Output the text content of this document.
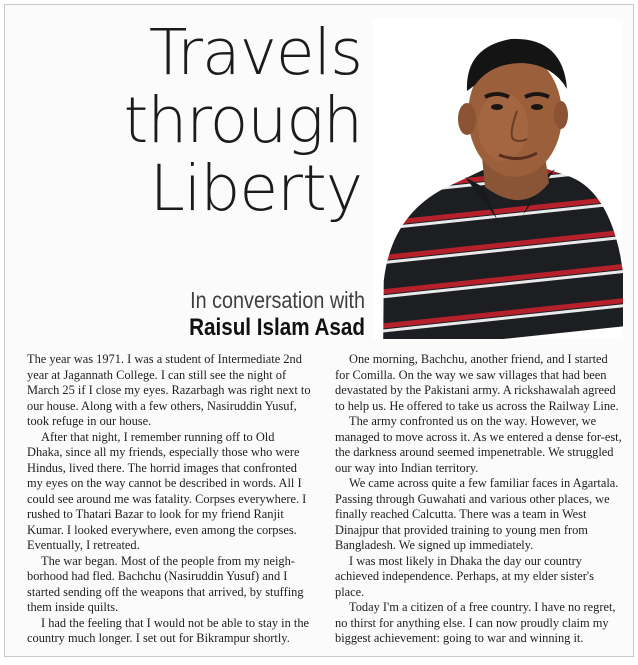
Travels
through
Liberty
In conversation with
Raisul Islam Asad

The year was 1971. I was a student of Intermediate 2nd year at Jagannath College. I can still see the night of March 25 if I close my eyes. Razarbagh was right next to our house. Along with a few others, Nasiruddin Yusuf, took refuge in our house.

After that night, I remember running off to Old Dhaka, since all my friends, especially those who were Hindus, lived there. The horrid images that confronted my eyes on the way cannot be described in words. All I could see around me was fatality. Corpses everywhere. I rushed to Thatari Bazar to look for my friend Ranjit Kumar. I looked everywhere, even among the corpses. Eventually, I retreated.

The war began. Most of the people from my neigh-borhood had fled. Bachchu (Nasiruddin Yusuf) and I started sending off the weapons that arrived, by stuffing them inside quilts.

I had the feeling that I would not be able to stay in the country much longer. I set out for Bikrampur shortly.

One morning, Bachchu, another friend, and I started for Comilla. On the way we saw villages that had been devastated by the Pakistani army. A rickshawalah agreed to help us. He offered to take us across the Railway Line.

The army confronted us on the way. However, we managed to move across it. As we entered a dense for-est, the darkness around seemed impenetrable. We struggled our way into Indian territory.

We came across quite a few familiar faces in Agartala. Passing through Guwahati and various other places, we finally reached Calcutta. There was a team in West Dinajpur that provided training to young men from Bangladesh. We signed up immediately.

I was most likely in Dhaka the day our country achieved independence. Perhaps, at my elder sister's place.

Today I'm a citizen of a free country. I have no regret, no thirst for anything else. I can now proudly claim my biggest achievement: going to war and winning it.
